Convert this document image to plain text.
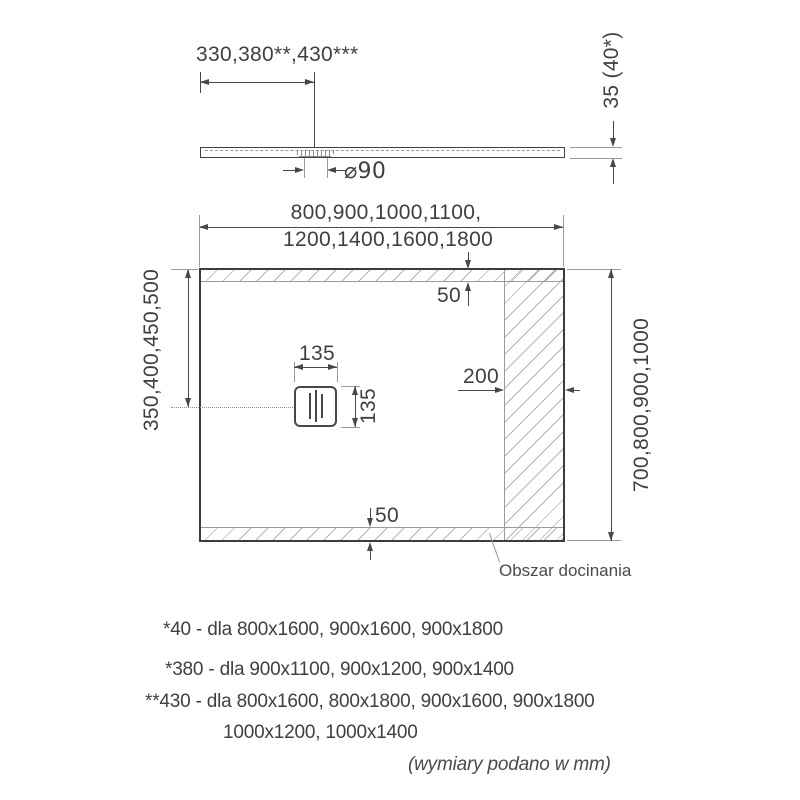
330,380**,430***
⌀90
35 (40*)
800,900,1000,1100,
1200,1400,1600,1800
350,400,450,500	135
135
200
50
50
700,800,900,1000
Obszar docinania
*40 - dla 800x1600, 900x1600, 900x1800
*380 - dla 900x1100, 900x1200, 900x1400
**430 - dla 800x1600, 800x1800, 900x1600, 900x1800
1000x1200, 1000x1400
(wymiary podano w mm)
